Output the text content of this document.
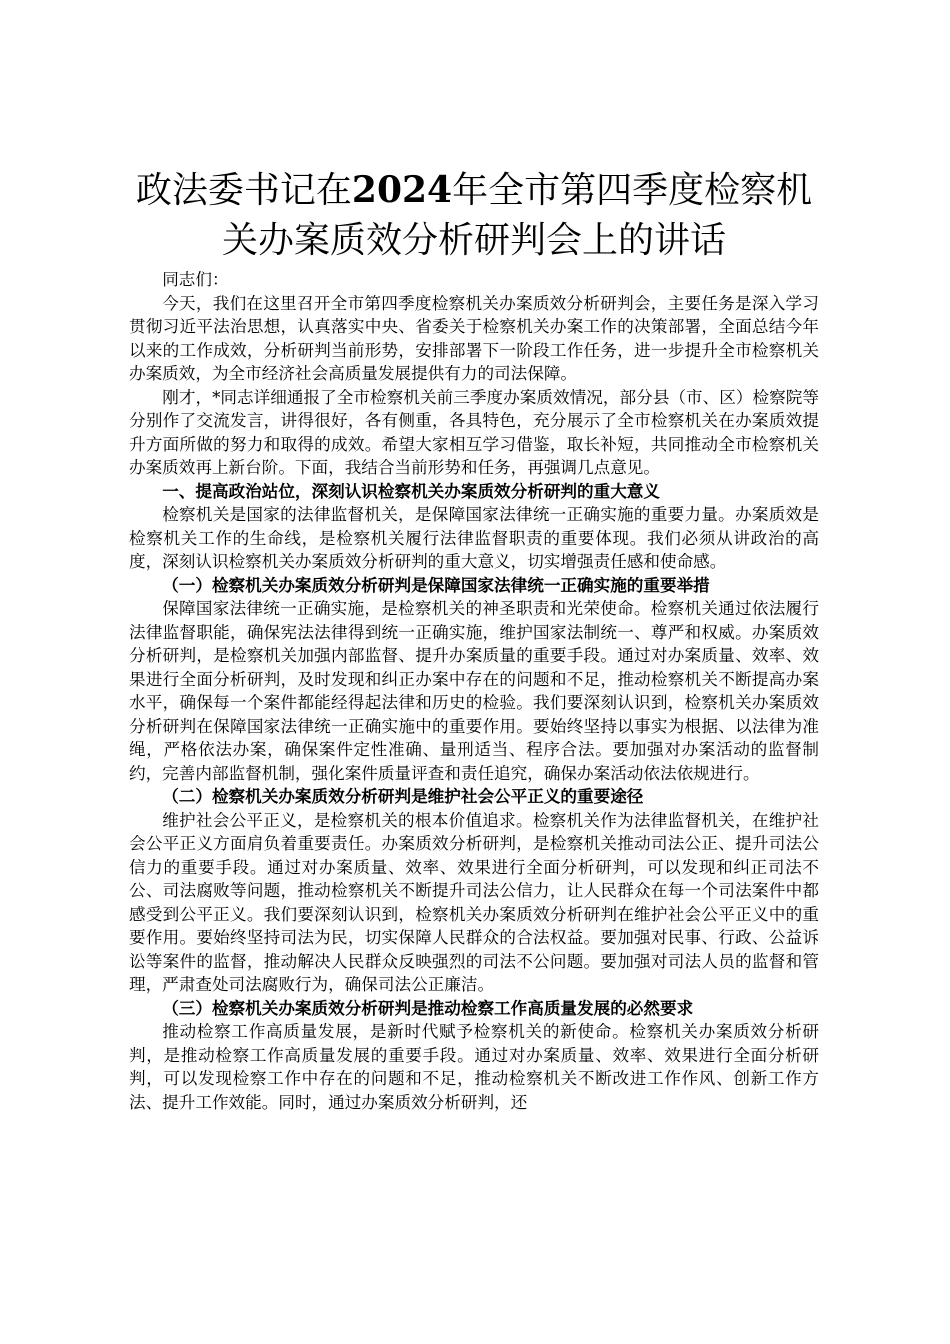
政法委书记在2024年全市第四季度检察机关办案质效分析研判会上的讲话

同志们：

今天，我们在这里召开全市第四季度检察机关办案质效分析研判会，主要任务是深入学习贯彻习近平法治思想，认真落实中央、省委关于检察机关办案工作的决策部署，全面总结今年以来的工作成效，分析研判当前形势，安排部署下一阶段工作任务，进一步提升全市检察机关办案质效，为全市经济社会高质量发展提供有力的司法保障。

刚才，*同志详细通报了全市检察机关前三季度办案质效情况，部分县（市、区）检察院等分别作了交流发言，讲得很好，各有侧重，各具特色，充分展示了全市检察机关在办案质效提升方面所做的努力和取得的成效。希望大家相互学习借鉴，取长补短，共同推动全市检察机关办案质效再上新台阶。下面，我结合当前形势和任务，再强调几点意见。

一、提高政治站位，深刻认识检察机关办案质效分析研判的重大意义

检察机关是国家的法律监督机关，是保障国家法律统一正确实施的重要力量。办案质效是检察机关工作的生命线，是检察机关履行法律监督职责的重要体现。我们必须从讲政治的高度，深刻认识检察机关办案质效分析研判的重大意义，切实增强责任感和使命感。

（一）检察机关办案质效分析研判是保障国家法律统一正确实施的重要举措

保障国家法律统一正确实施，是检察机关的神圣职责和光荣使命。检察机关通过依法履行法律监督职能，确保宪法法律得到统一正确实施，维护国家法制统一、尊严和权威。办案质效分析研判，是检察机关加强内部监督、提升办案质量的重要手段。通过对办案质量、效率、效果进行全面分析研判，及时发现和纠正办案中存在的问题和不足，推动检察机关不断提高办案水平，确保每一个案件都能经得起法律和历史的检验。我们要深刻认识到，检察机关办案质效分析研判在保障国家法律统一正确实施中的重要作用。要始终坚持以事实为根据、以法律为准绳，严格依法办案，确保案件定性准确、量刑适当、程序合法。要加强对办案活动的监督制约，完善内部监督机制，强化案件质量评查和责任追究，确保办案活动依法依规进行。

（二）检察机关办案质效分析研判是维护社会公平正义的重要途径

维护社会公平正义，是检察机关的根本价值追求。检察机关作为法律监督机关，在维护社会公平正义方面肩负着重要责任。办案质效分析研判，是检察机关推动司法公正、提升司法公信力的重要手段。通过对办案质量、效率、效果进行全面分析研判，可以发现和纠正司法不公、司法腐败等问题，推动检察机关不断提升司法公信力，让人民群众在每一个司法案件中都感受到公平正义。我们要深刻认识到，检察机关办案质效分析研判在维护社会公平正义中的重要作用。要始终坚持司法为民，切实保障人民群众的合法权益。要加强对民事、行政、公益诉讼等案件的监督，推动解决人民群众反映强烈的司法不公问题。要加强对司法人员的监督和管理，严肃查处司法腐败行为，确保司法公正廉洁。

（三）检察机关办案质效分析研判是推动检察工作高质量发展的必然要求

推动检察工作高质量发展，是新时代赋予检察机关的新使命。检察机关办案质效分析研判，是推动检察工作高质量发展的重要手段。通过对办案质量、效率、效果进行全面分析研判，可以发现检察工作中存在的问题和不足，推动检察机关不断改进工作作风、创新工作方法、提升工作效能。同时，通过办案质效分析研判，还
